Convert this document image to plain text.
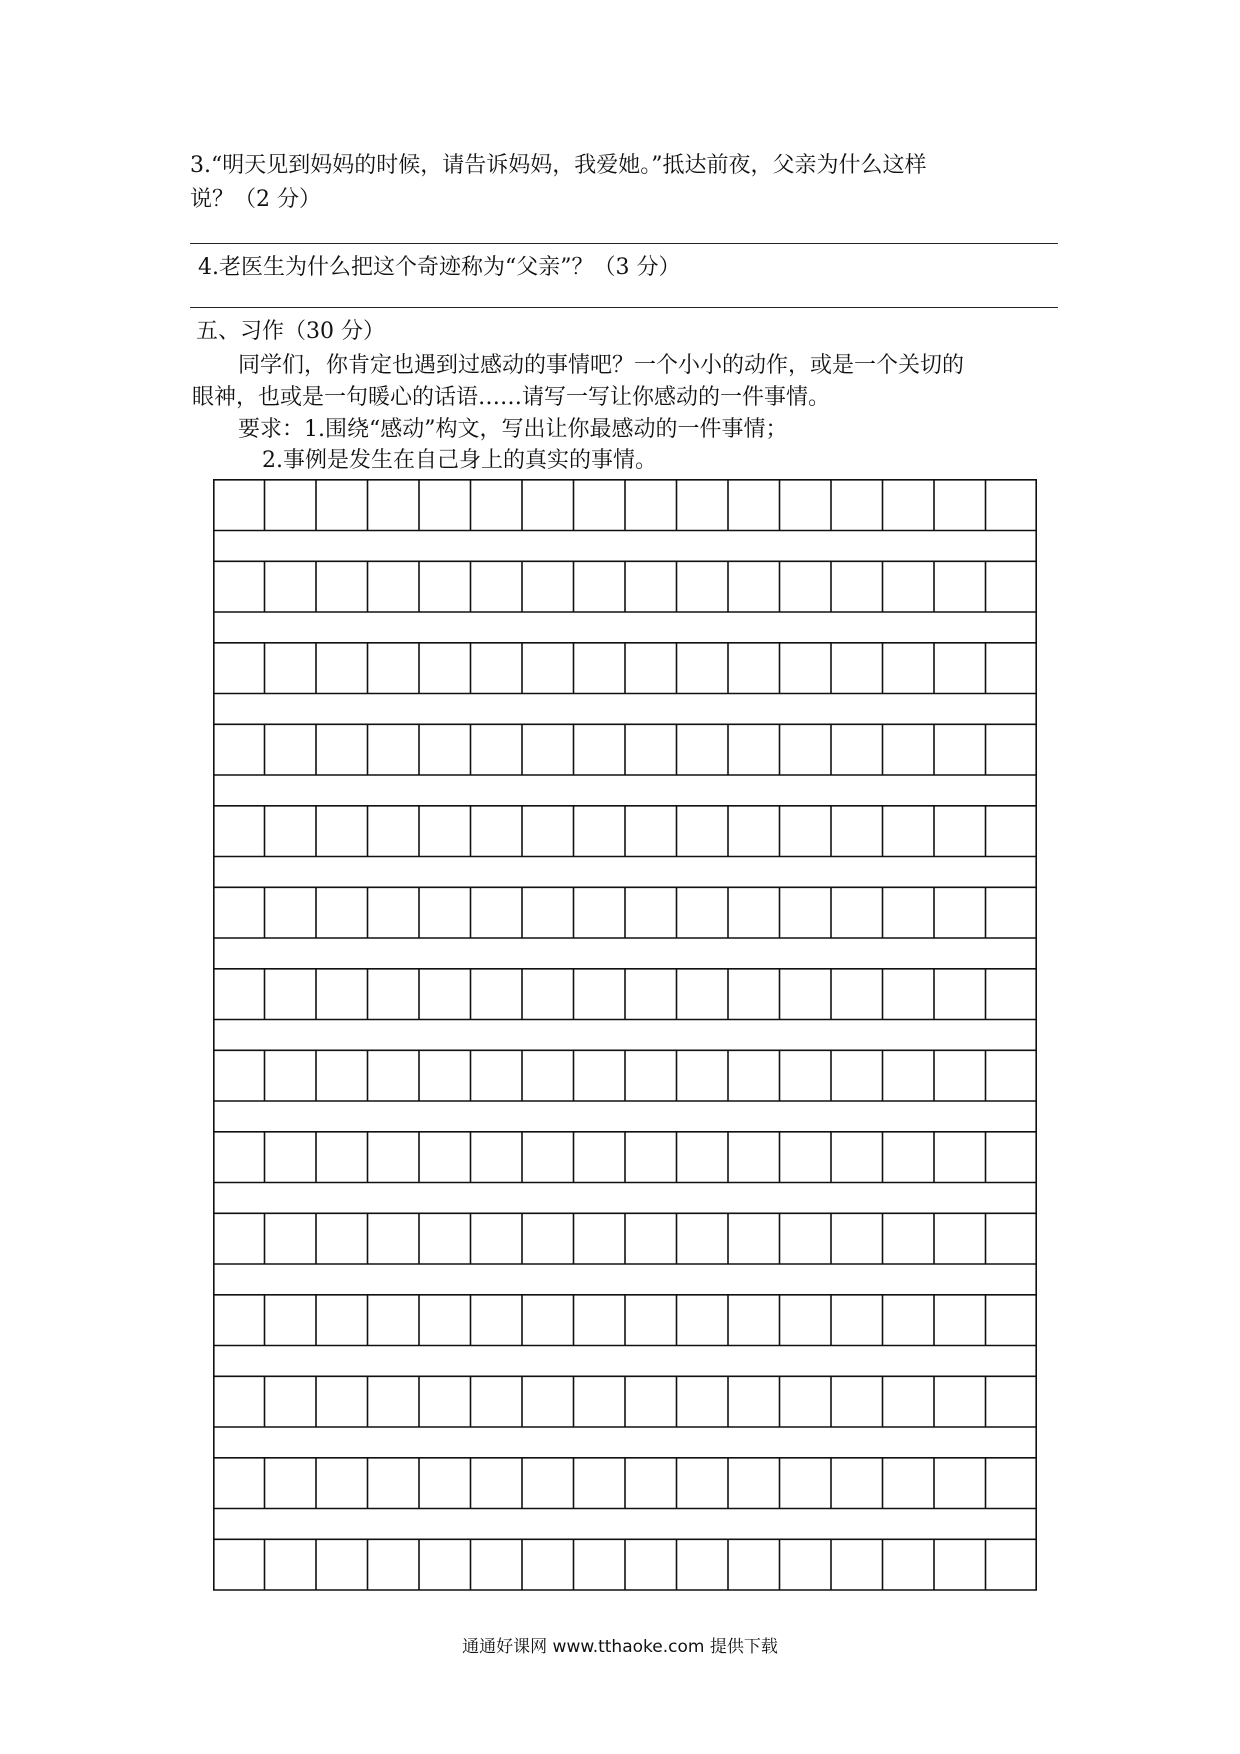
3.“明天见到妈妈的时候，请告诉妈妈，我爱她。”抵达前夜，父亲为什么这样
说？（2 分）
4.老医生为什么把这个奇迹称为“父亲”？（3 分）
五、习作（30 分）
同学们，你肯定也遇到过感动的事情吧？一个小小的动作，或是一个关切的
眼神，也或是一句暖心的话语……请写一写让你感动的一件事情。
要求：1.围绕“感动”构文，写出让你最感动的一件事情；
2.事例是发生在自己身上的真实的事情。
通通好课网 www.tthaoke.com 提供下载
